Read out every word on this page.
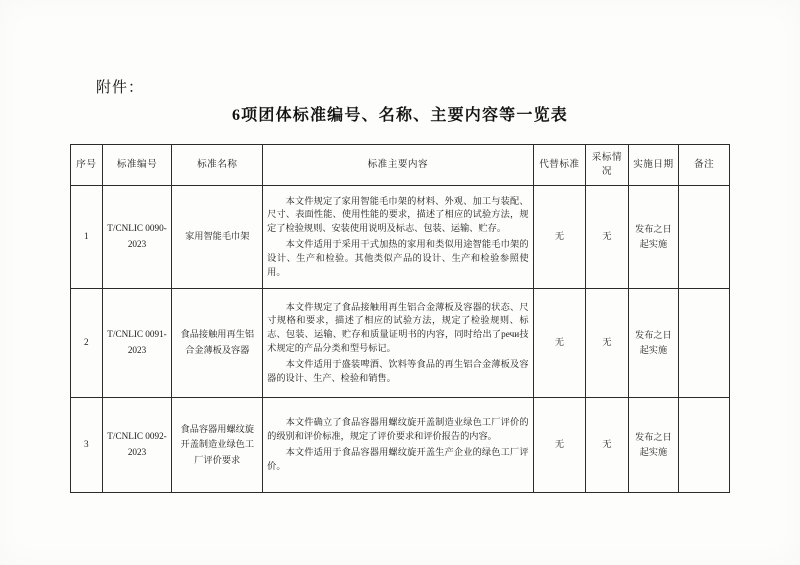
附件：
6项团体标准编号、名称、主要内容等一览表
序号	标准编号	标准名称	标准主要内容	代替标准	采标情况	实施日期	备注
1	T/CNLIC 0090-2023	家用智能毛巾架	本文件规定了家用智能毛巾架的材料、外观、加工与装配、尺寸、表面性能、使用性能的要求，描述了相应的试验方法，规定了检验规则、安装使用说明及标志、包装、运输、贮存。

本文件适用于采用干式加热的家用和类似用途智能毛巾架的设计、生产和检验。其他类似产品的设计、生产和检验参照使用。	无	无	发布之日起实施	
2	T/CNLIC 0091-2023	食品接触用再生铝合金薄板及容器	本文件规定了食品接触用再生铝合金薄板及容器的状态、尺寸规格和要求，描述了相应的试验方法，规定了检验规则、标志、包装、运输、贮存和质量证明书的内容，同时给出了речи技术规定的产品分类和型号标记。

本文件适用于盛装啤酒、饮料等食品的再生铝合金薄板及容器的设计、生产、检验和销售。	无	无	发布之日起实施	
3	T/CNLIC 0092-2023	食品容器用螺纹旋开盖制造业绿色工厂评价要求	本文件确立了食品容器用螺纹旋开盖制造业绿色工厂评价的的级别和评价标准，规定了评价要求和评价报告的内容。

本文件适用于食品容器用螺纹旋开盖生产企业的绿色工厂评价。	无	无	发布之日起实施	
